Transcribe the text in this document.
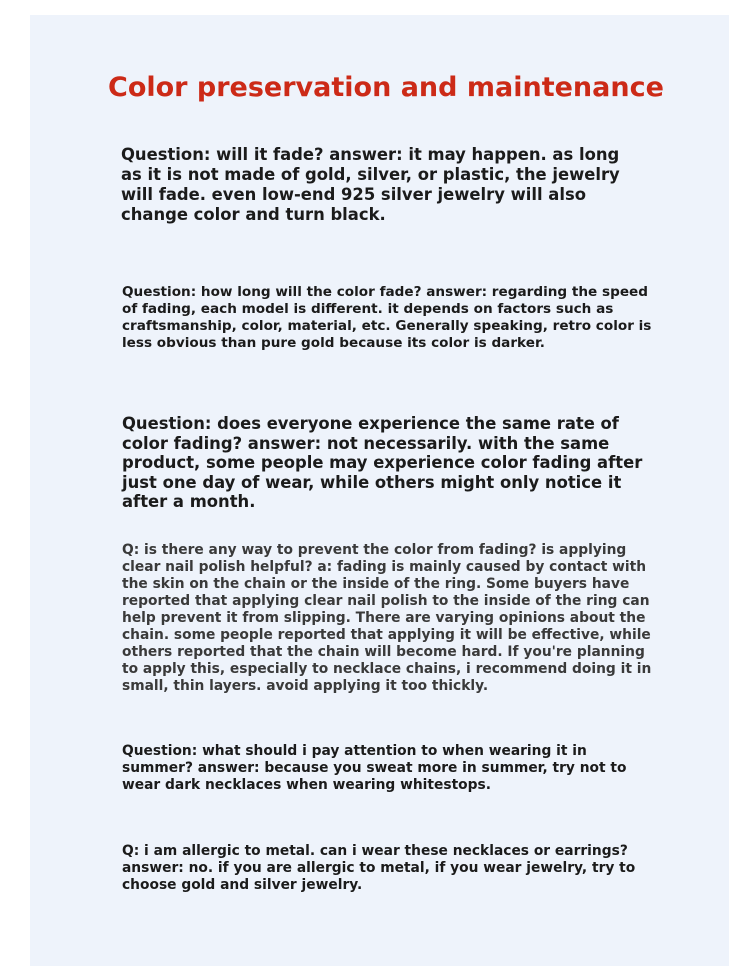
Color preservation and maintenance

Question: will it fade? answer: it may happen. as long as it is not made of gold, silver, or plastic, the jewelry will fade. even low-end 925 silver jewelry will also change color and turn black.

Question: how long will the color fade? answer: regarding the speed of fading, each model is different. it depends on factors such as craftsmanship, color, material, etc. Generally speaking, retro color is less obvious than pure gold because its color is darker.

Question: does everyone experience the same rate of color fading? answer: not necessarily. with the same product, some people may experience color fading after just one day of wear, while others might only notice it after a month.

Q: is there any way to prevent the color from fading? is applying clear nail polish helpful? a: fading is mainly caused by contact with the skin on the chain or the inside of the ring. Some buyers have reported that applying clear nail polish to the inside of the ring can help prevent it from slipping. There are varying opinions about the chain. some people reported that applying it will be effective, while others reported that the chain will become hard. If you're planning to apply this, especially to necklace chains, i recommend doing it in small, thin layers. avoid applying it too thickly.

Question: what should i pay attention to when wearing it in summer? answer: because you sweat more in summer, try not to wear dark necklaces when wearing whitestops.

Q: i am allergic to metal. can i wear these necklaces or earrings? answer: no. if you are allergic to metal, if you wear jewelry, try to choose gold and silver jewelry.
